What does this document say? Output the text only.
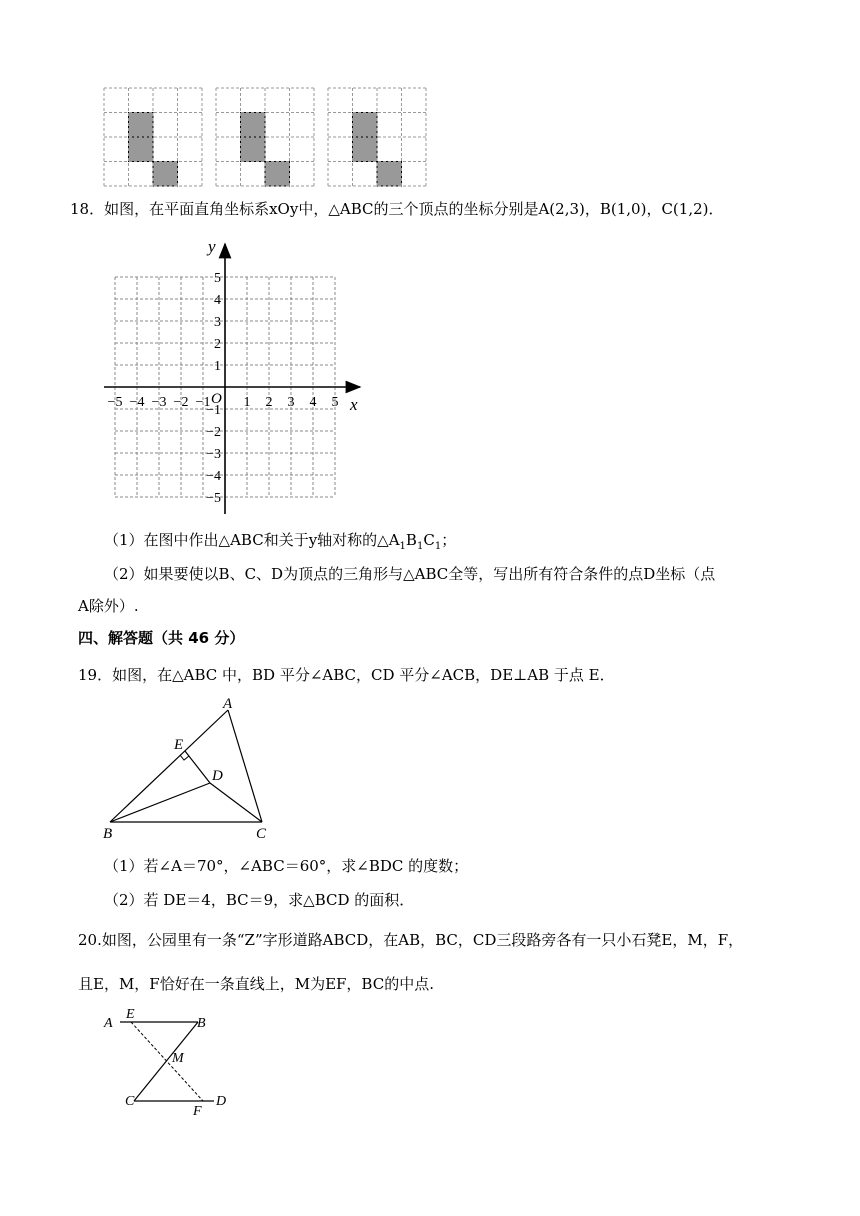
18．如图，在平面直角坐标系xOy中，△ABC的三个顶点的坐标分别是A(2,3)，B(1,0)，C(1,2)．
y
x
O
−5 −4 −3 −2 −1 1 2 3 4 5
5
4
3
2
1
−1
−2
−3
−4
−5
（1）在图中作出△ABC和关于y轴对称的$\triangle A_1B_1C_1$；
（2）如果要使以B、C、D为顶点的三角形与△ABC全等，写出所有符合条件的点D坐标（点
A除外）.
四、解答题（共 46 分）
19．如图，在△ABC 中，BD 平分∠ABC，CD 平分∠ACB，DE⊥AB 于点 E．
A
B	C
D
E
（1）若∠A＝70°，∠ABC＝60°，求∠BDC 的度数；
（2）若 DE＝4，BC＝9，求△BCD 的面积．
20.如图，公园里有一条“Z”字形道路ABCD，在AB，BC，CD三段路旁各有一只小石凳E，M，F，
且E，M，F恰好在一条直线上，M为EF，BC的中点.
A
E
B
M
C
F
D
